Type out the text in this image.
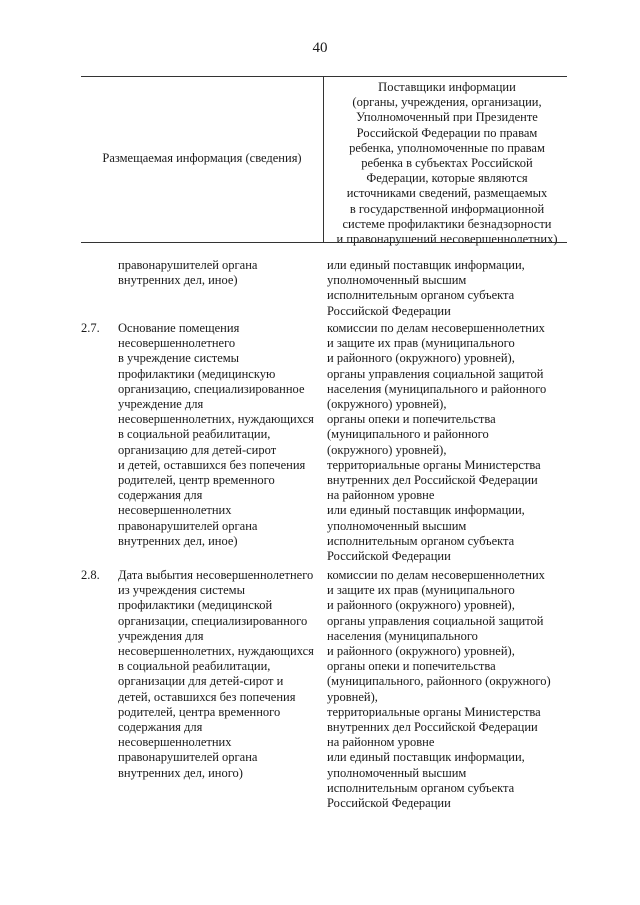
40
Размещаемая информация (сведения)
Поставщики информации
(органы, учреждения, организации,
Уполномоченный при Президенте
Российской Федерации по правам
ребенка, уполномоченные по правам
ребенка в субъектах Российской
Федерации, которые являются
источниками сведений, размещаемых
в государственной информационной
системе профилактики безнадзорности
и правонарушений несовершеннолетних)
правонарушителей органа
внутренних дел, иное)
или единый поставщик информации,
уполномоченный высшим
исполнительным органом субъекта
Российской Федерации
2.7.	Основание помещения
несовершеннолетнего
в учреждение системы
профилактики (медицинскую
организацию, специализированное
учреждение для
несовершеннолетних, нуждающихся
в социальной реабилитации,
организацию для детей-сирот
и детей, оставшихся без попечения
родителей, центр временного
содержания для
несовершеннолетних
правонарушителей органа
внутренних дел, иное)
комиссии по делам несовершеннолетних
и защите их прав (муниципального
и районного (окружного) уровней),
органы управления социальной защитой
населения (муниципального и районного
(окружного) уровней),
органы опеки и попечительства
(муниципального и районного
(окружного) уровней),
территориальные органы Министерства
внутренних дел Российской Федерации
на районном уровне
или единый поставщик информации,
уполномоченный высшим
исполнительным органом субъекта
Российской Федерации
2.8.	Дата выбытия несовершеннолетнего
из учреждения системы
профилактики (медицинской
организации, специализированного
учреждения для
несовершеннолетних, нуждающихся
в социальной реабилитации,
организации для детей-сирот и
детей, оставшихся без попечения
родителей, центра временного
содержания для
несовершеннолетних
правонарушителей органа
внутренних дел, иного)
комиссии по делам несовершеннолетних
и защите их прав (муниципального
и районного (окружного) уровней),
органы управления социальной защитой
населения (муниципального
и районного (окружного) уровней),
органы опеки и попечительства
(муниципального, районного (окружного)
уровней),
территориальные органы Министерства
внутренних дел Российской Федерации
на районном уровне
или единый поставщик информации,
уполномоченный высшим
исполнительным органом субъекта
Российской Федерации
